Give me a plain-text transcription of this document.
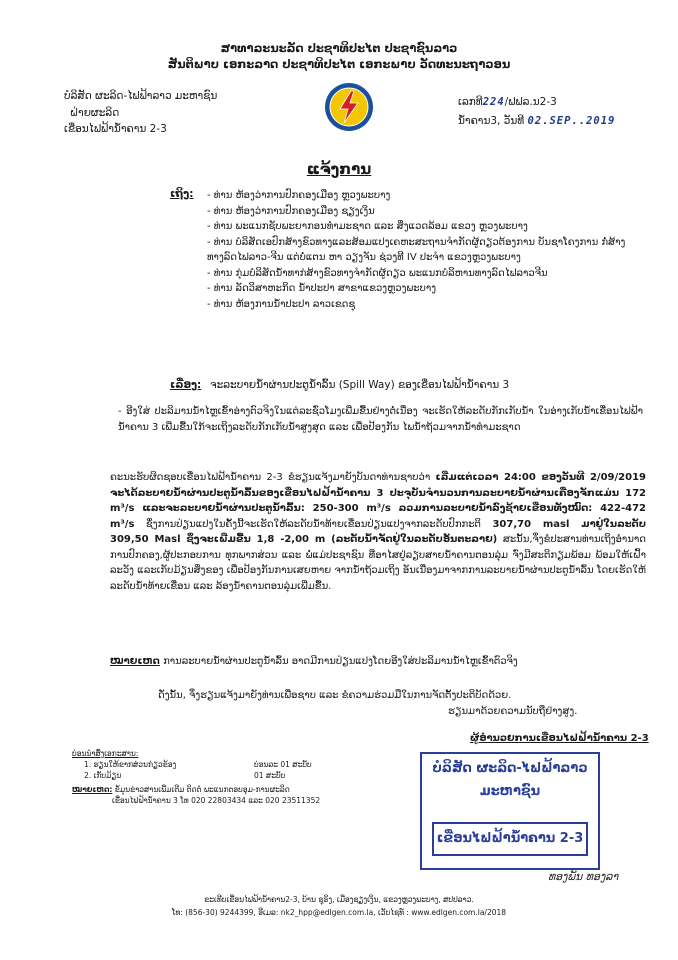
ສາທາລະນະລັດ ປະຊາທິປະໄຕ ປະຊາຊົນລາວ
ສັນຕິພາບ ເອກະລາດ ປະຊາທິປະໄຕ ເອກະພາບ ວັດທະນະຖາວອນ
ບໍລິສັດ ຜະລິດ-ໄຟຟ້າລາວ ມະຫາຊົນ
ຝ່າຍຜະລິດ
ເຂື່ອນໄຟຟ້ານ້ຳຄານ 2-3
ເລກທີ224/ຟຟລ.ນ2-3
ນ້ຳຄານ3, ວັນທີ 02.SEP..2019
ແຈ້ງການ
ເຖິງ: - ທ່ານ ຫ້ອງວ່າການປົກຄອງເມືອງ ຫຼວງພະບາງ
- ທ່ານ ຫ້ອງວ່າການປົກຄອງເມືອງ ຊຽງເງິນ
- ທ່ານ ພະແນກຊັບພະຍາກອນທຳມະຊາດ ແລະ ສິ່ງແວດລ້ອມ ແຂວງ ຫຼວງພະບາງ
- ທ່ານ ບໍລິສັດເອປົກສ້າງຂົວທາງແລະສ້ອມແປງເຄຫະສະຖານຈຳກັດຜູ້ດຽວຕ້ອງການ ບັນຊາໂຄງການ ກໍ່ສ້າງທາງລົດໄຟລາວ-ຈີນ ແຕ່ບໍ່ແຕນ ຫາ ວຽງຈັນ ຊ່ວງທີ IV ປະຈຳ ແຂວງຫຼວງພະບາງ
- ທ່ານ ກຸ່ມບໍລິສັດນ້ຳທາກ່ສ້າງຂົວທາງຈຳກັດຜູ້ດຽວ ພະແນກບໍລິຫານທາງລົດໄຟລາວຈີນ
- ທ່ານ ລັດວິສາຫະກິດ ນ້ຳປະປາ ສາຂາແຂວງຫຼວງພະບາງ
- ທ່ານ ຫ້ອງການນ້ຳປະປາ ລາວເຂດຊຸ
ເລື່ອງ: ຈະລະບາຍນ້ຳຜ່ານປະຕູນ້ຳລົ້ນ (Spill Way) ຂອງເຂື່ອນໄຟຟ້ານ້ຳຄານ 3
- ອີງໃສ່ ປະລິມານນ້ຳໄຫຼເຂົ້າອ່າງຕົວຈິງໃນແຕ່ລະຊົ່ວໂມງເພີ່ມຂື້ນຢ່າງຕໍ່ເນື່ອງ ຈະເຮັດໃຫ້ລະດັບກັກເກັບນ້ຳ ໃນອ່າງເກັບນ້ຳເຂື່ອນໄຟຟ້ານ້ຳຄານ 3 ເພີ່ມຂື້ນໃກ້ຈະເຖິງລະດັບກັກເກັບນ້ຳສູງສຸດ ແລະ ເພື່ອປ້ອງກັນ ໄພນ້ຳຖ້ວມຈາກນ້ຳທຳມະຊາດ
ຄະນະຮັບຜິດຊອບເຂື່ອນໄຟຟ້ານ້ຳຄານ 2-3 ຂໍຮຽນແຈ້ງມາຍັງບັນດາທ່ານຊາບວ່າ ເລີ່ມແຕ່ເວລາ 24:00 ຂອງວັນທີ 2/09/2019 ຈະໄດ້ລະບາຍນ້ຳຜ່ານປະຕູນ້ຳລົ້ນຂອງເຂື່ອນໄຟຟ້ານ້ຳຄານ 3 ປະຈຸບັນຈຳນວນການລະບາຍນ້ຳຜ່ານເຄື່ອງຈັກແມ່ນ 172 m³/s ແລະຈະລະບາຍນ້ຳຜ່ານປະຕູນ້ຳລົ້ນ: 250-300 m³/s ລວມການລະບາຍນ້ຳລົງຊ້າຍເຂື່ອນທັງໝົດ: 422-472 m³/s ຊຶ່ງການປ່ຽນແປງໃນຄັ້ງນີ້ຈະເຮັດໃຫ້ລະດັບນ້ຳທ້າຍເຂື່ອນປ່ຽນແປງຈາກລະດັບປົກກະຕິ 307,70 masl ມາຢູ່ໃນລະດັບ 309,50 Masl ຊຶ່ງຈະເພີ່ມຂື້ນ 1,8 -2,00 m (ລະດັບນ້ຳຈັດຢູ່ໃນລະດັບອັນຕະລາຍ) ສະນັ້ນ,ຈຶ່ງຂໍປະສານທ່ານເຖິງອຳນາດການປົກຄອງ,ຜູ້ປະກອບການ ທຸກພາກສ່ວນ ແລະ ພໍ່ແມ່ປະຊາຊົນ ທີ່ອາໄສຢູ່ລຽບສາຍນ້ຳຄານຕອນລຸ່ມ ຈົ່ງມີສະຕິກຽມພ້ອມ ພ້ອມໃຫ້ເຝົ້າລະວັງ ແລະເກັບມ້ຽນສິ່ງຂອງ ເພື່ອປ້ອງກັນການເສຍຫາຍ ຈາກນ້ຳຖ້ວມເຖິງ ອັນເນື່ອງມາຈາກການລະບາຍນ້ຳຜ່ານປະຕູນ້ຳລົ້ນ ໂດຍເຮັດໃຫ້ລະດັບນ້ຳທ້າຍເຂື່ອນ ແລະ ລ້ອງນ້ຳຄານຕອນລຸ່ມເພີ່ມຂື້ນ.
ໝາຍເຫດ ການລະບາຍນ້ຳຜ່ານປະຕູນ້ຳລົ້ນ ອາດມີການປ່ຽນແປງໂດຍອີງໃສ່ປະລິມານນ້ຳໄຫຼເຂົ້າຕົວຈິງ
ດັ່ງນັ້ນ, ຈຶ່ງຮຽນແຈ້ງມາຍັງທ່ານເພື່ອຊາບ ແລະ ຂໍຄວາມຮ່ວມມືໃນການຈັດຕັ້ງປະຕິບັດດ້ວຍ.
ຮຽນມາດ້ວຍຄວາມນັບຖືຢ່າງສູງ.
ຜູ້ອຳນວຍການເຂື່ອນໄຟຟ້ານ້ຳຄານ 2-3
ບ່ອນນຳສົ່ງເອກະສານ:
1. ຮຽນໃຫ້ຂາກສ່ວນກ່ຽວຂ້ອງ	ບ່ອນລະ 01 ສະບັບ
2. ເກັບມ້ຽນ	01 ສະບັບ
ໝາຍເຫດ: ຂໍ້ມູນຂ່າວສານເພີ່ມເຕີມ ຕິດຕໍ່ ພະແນກຕອບອຸມ-ການຜະລິດ
ເຂື່ອນໄຟຟ້ານ້ຳຄານ 3 ໂທ 020 22803434 ແລະ 020 23511352
ບໍລິສັດ ຜະລິດ-ໄຟຟ້າລາວ
ມະຫາຊົນ
ເຂື່ອນໄຟຟ້ານ້ຳຄານ 2-3
ທອງພັນ ທອງລາ
ຂະເທີບເຂື່ອນໄຟຟ້ານ້ຳຄານ2-3, ບ້ານ ຊຸຣິງ, ເມືອງຊຽງເງິນ, ແຂວງຫຼວງພະບາງ, ສປປລາວ.
ໂທ: (856-30) 9244399, ອີເມລ: nk2_hpp@edlgen.com.la, ເວັບໄຊທ໌ : www.edlgen.com.la/2018
